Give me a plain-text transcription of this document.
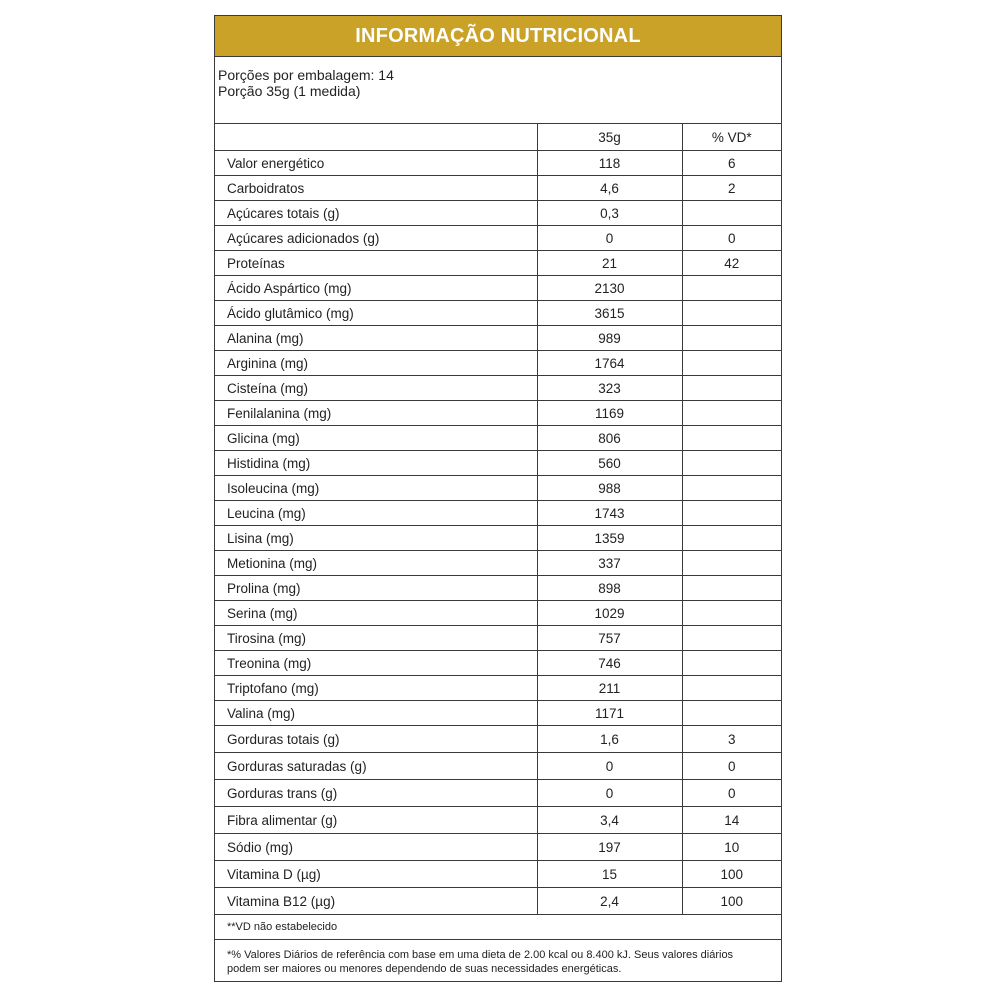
INFORMAÇÃO NUTRICIONAL
Porções por embalagem: 14
Porção 35g (1 medida)
	35g	% VD*
Valor energético	118	6
Carboidratos	4,6	2
Açúcares totais (g)	0,3	
Açúcares adicionados (g)	0	0
Proteínas	21	42
Ácido Aspártico (mg)	2130	
Ácido glutâmico (mg)	3615	
Alanina (mg)	989	
Arginina (mg)	1764	
Cisteína (mg)	323	
Fenilalanina (mg)	1169	
Glicina (mg)	806	
Histidina (mg)	560	
Isoleucina (mg)	988	
Leucina (mg)	1743	
Lisina (mg)	1359	
Metionina (mg)	337	
Prolina (mg)	898	
Serina (mg)	1029	
Tirosina (mg)	757	
Treonina (mg)	746	
Triptofano (mg)	211	
Valina (mg)	1171	
Gorduras totais (g)	1,6	3
Gorduras saturadas (g)	0	0
Gorduras trans (g)	0	0
Fibra alimentar (g)	3,4	14
Sódio (mg)	197	10
Vitamina D (µg)	15	100
Vitamina B12 (µg)	2,4	100
**VD não estabelecido
*% Valores Diários de referência com base em uma dieta de 2.00 kcal ou 8.400 kJ. Seus valores diários podem ser maiores ou menores dependendo de suas necessidades energéticas.
